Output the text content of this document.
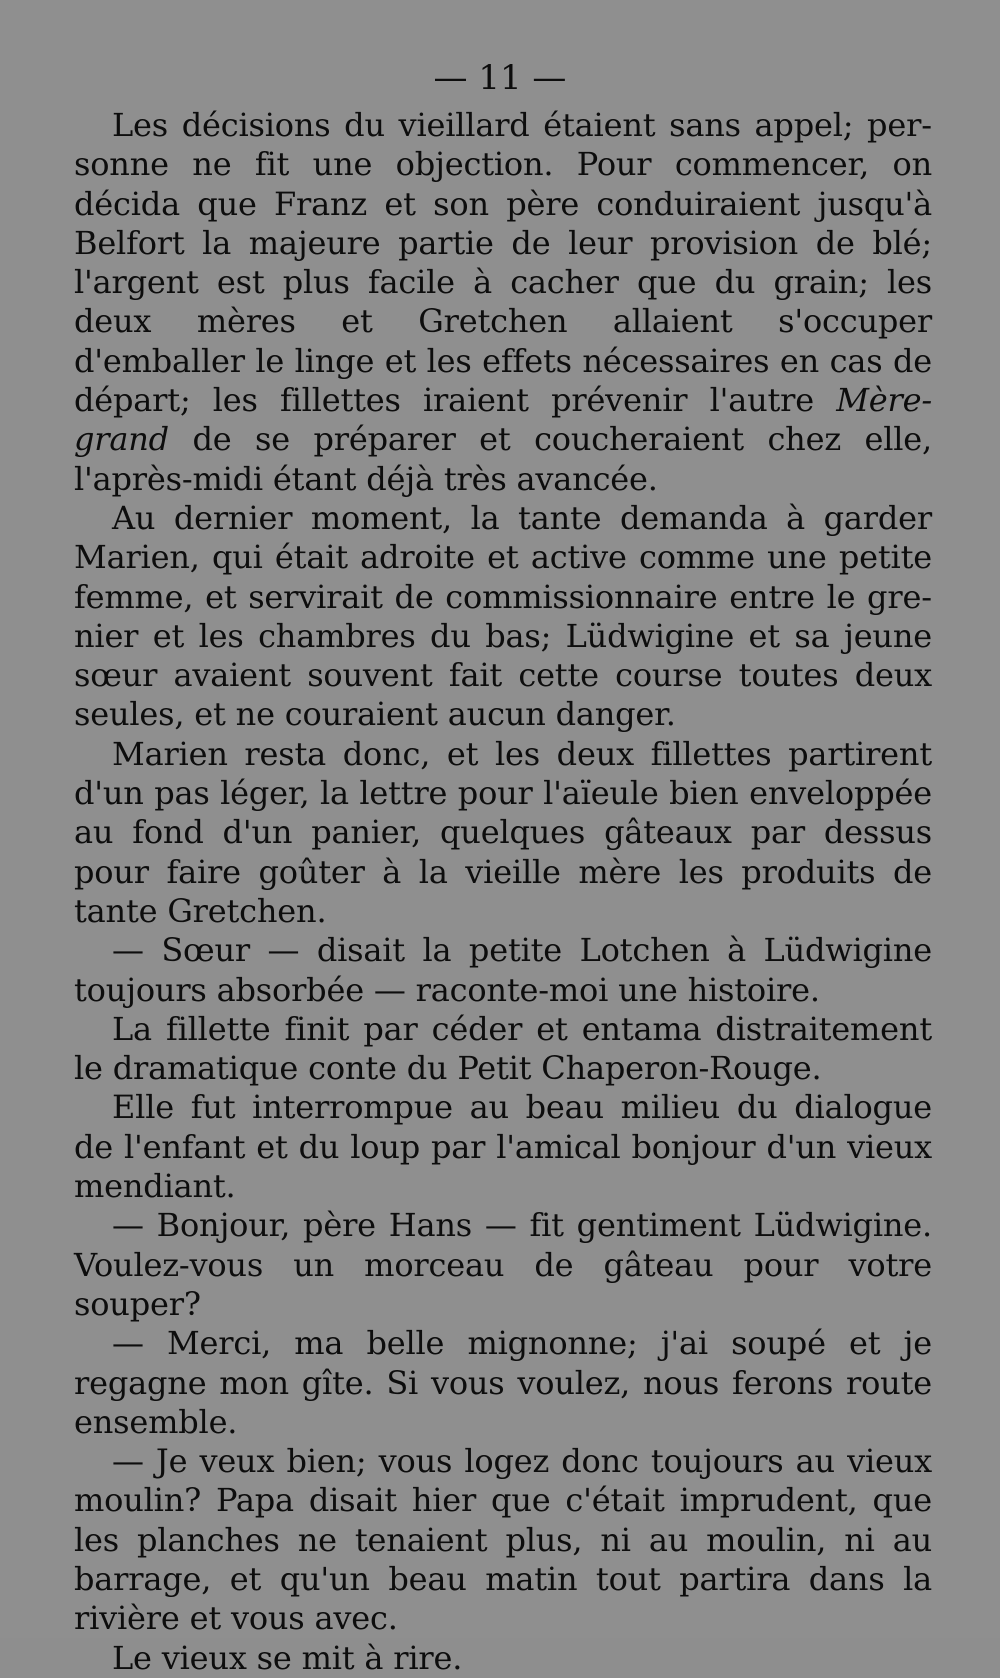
— 11 —

Les décisions du vieillard étaient sans appel; personne ne fit une objection. Pour commencer, on décida que Franz et son père conduiraient jusqu'à Belfort la majeure partie de leur provision de blé; l'argent est plus facile à cacher que du grain; les deux mères et Gretchen allaient s'occuper d'emballer le linge et les effets nécessaires en cas de départ; les fillettes iraient prévenir l'autre Mère-grand de se préparer et coucheraient chez elle, l'après-midi étant déjà très avancée.

Au dernier moment, la tante demanda à garder Marien, qui était adroite et active comme une petite femme, et servirait de commissionnaire entre le grenier et les chambres du bas; Lüdwigine et sa jeune sœur avaient souvent fait cette course toutes deux seules, et ne couraient aucun danger.

Marien resta donc, et les deux fillettes partirent d'un pas léger, la lettre pour l'aïeule bien enveloppée au fond d'un panier, quelques gâteaux par dessus pour faire goûter à la vieille mère les produits de tante Gretchen.

— Sœur — disait la petite Lotchen à Lüdwigine toujours absorbée — raconte-moi une histoire.

La fillette finit par céder et entama distraitement le dramatique conte du Petit Chaperon-Rouge.

Elle fut interrompue au beau milieu du dialogue de l'enfant et du loup par l'amical bonjour d'un vieux mendiant.

— Bonjour, père Hans — fit gentiment Lüdwigine. Voulez-vous un morceau de gâteau pour votre souper?

— Merci, ma belle mignonne; j'ai soupé et je regagne mon gîte. Si vous voulez, nous ferons route ensemble.

— Je veux bien; vous logez donc toujours au vieux moulin? Papa disait hier que c'était imprudent, que les planches ne tenaient plus, ni au moulin, ni au barrage, et qu'un beau matin tout partira dans la rivière et vous avec.

Le vieux se mit à rire.
